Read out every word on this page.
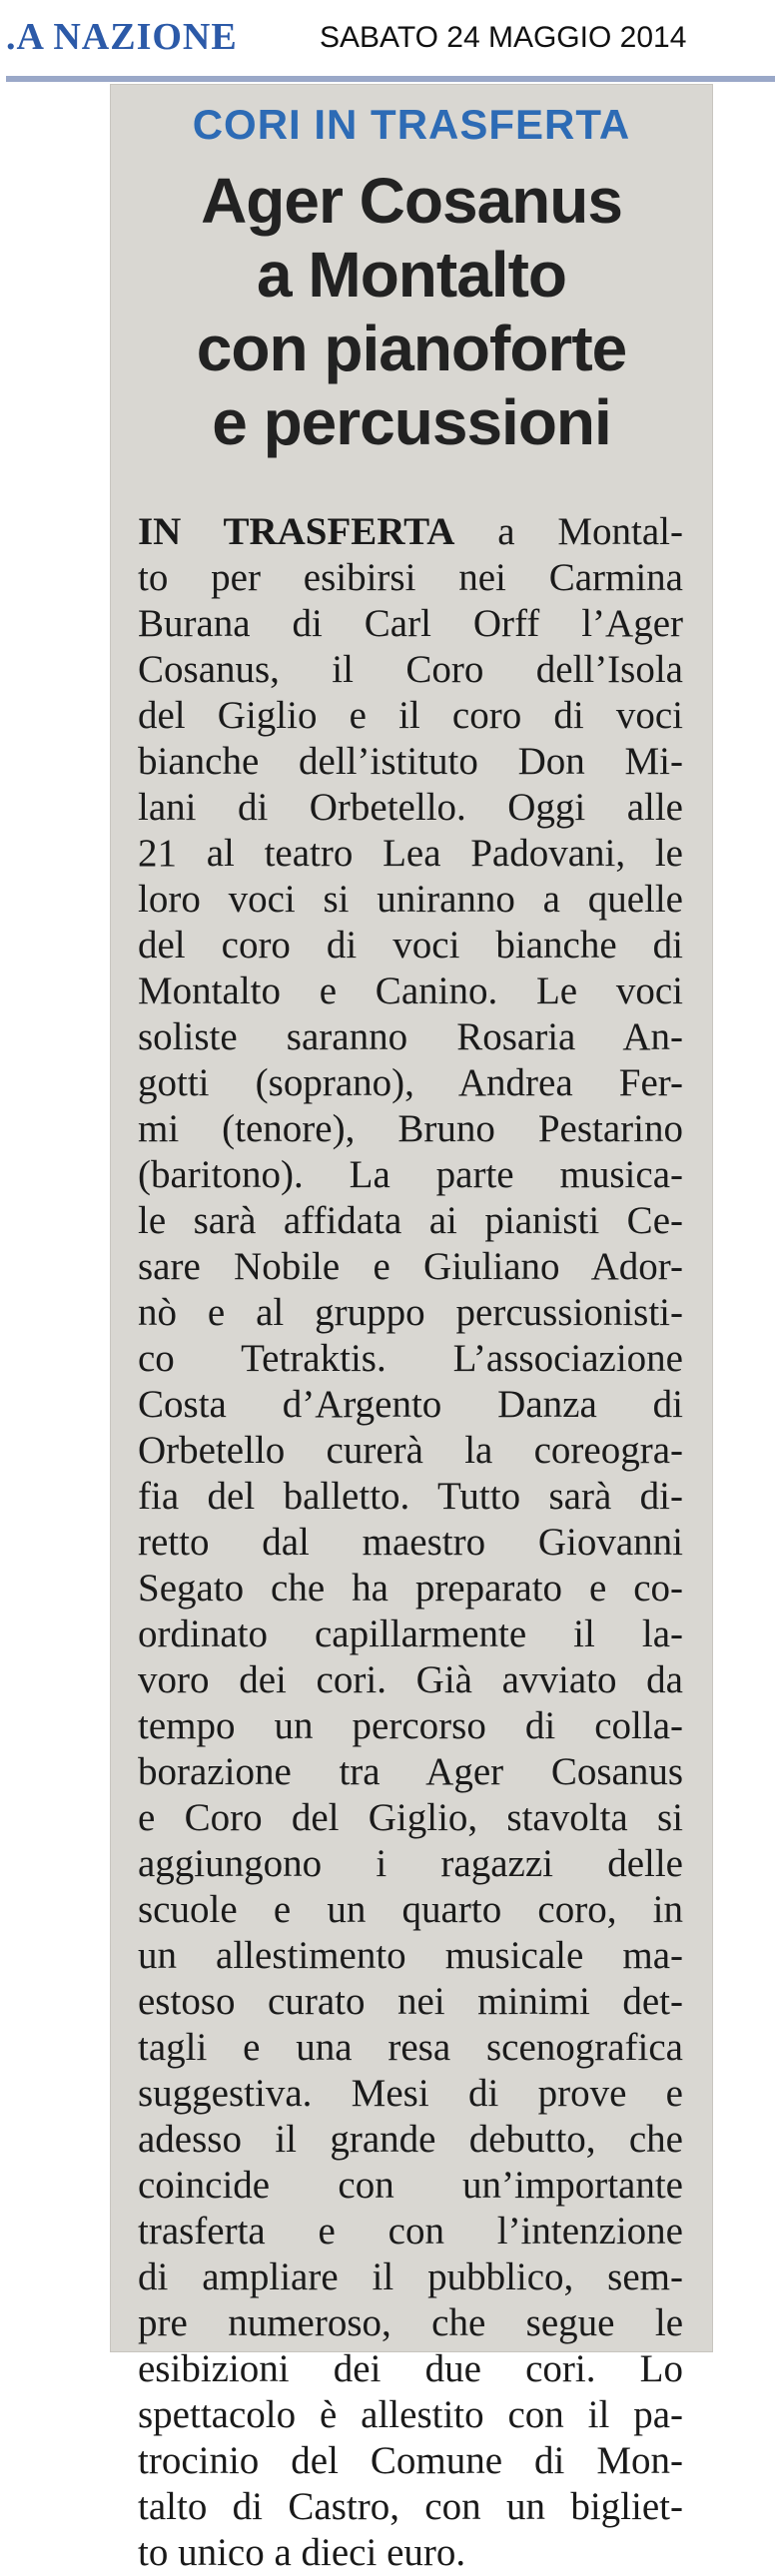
.A NAZIONE	SABATO 24 MAGGIO 2014
CORI IN TRASFERTA
Ager Cosanus
a Montalto
con pianoforte
e percussioni
IN TRASFERTA a Montal-
to per esibirsi nei Carmina
Burana di Carl Orff l’Ager
Cosanus, il Coro dell’Isola
del Giglio e il coro di voci
bianche dell’istituto Don Mi-
lani di Orbetello. Oggi alle
21 al teatro Lea Padovani, le
loro voci si uniranno a quelle
del coro di voci bianche di
Montalto e Canino. Le voci
soliste saranno Rosaria An-
gotti (soprano), Andrea Fer-
mi (tenore), Bruno Pestarino
(baritono). La parte musica-
le sarà affidata ai pianisti Ce-
sare Nobile e Giuliano Ador-
nò e al gruppo percussionisti-
co Tetraktis. L’associazione
Costa d’Argento Danza di
Orbetello curerà la coreogra-
fia del balletto. Tutto sarà di-
retto dal maestro Giovanni
Segato che ha preparato e co-
ordinato capillarmente il la-
voro dei cori. Già avviato da
tempo un percorso di colla-
borazione tra Ager Cosanus
e Coro del Giglio, stavolta si
aggiungono i ragazzi delle
scuole e un quarto coro, in
un allestimento musicale ma-
estoso curato nei minimi det-
tagli e una resa scenografica
suggestiva. Mesi di prove e
adesso il grande debutto, che
coincide con un’importante
trasferta e con l’intenzione
di ampliare il pubblico, sem-
pre numeroso, che segue le
esibizioni dei due cori. Lo
spettacolo è allestito con il pa-
trocinio del Comune di Mon-
talto di Castro, con un bigliet-
to unico a dieci euro.
